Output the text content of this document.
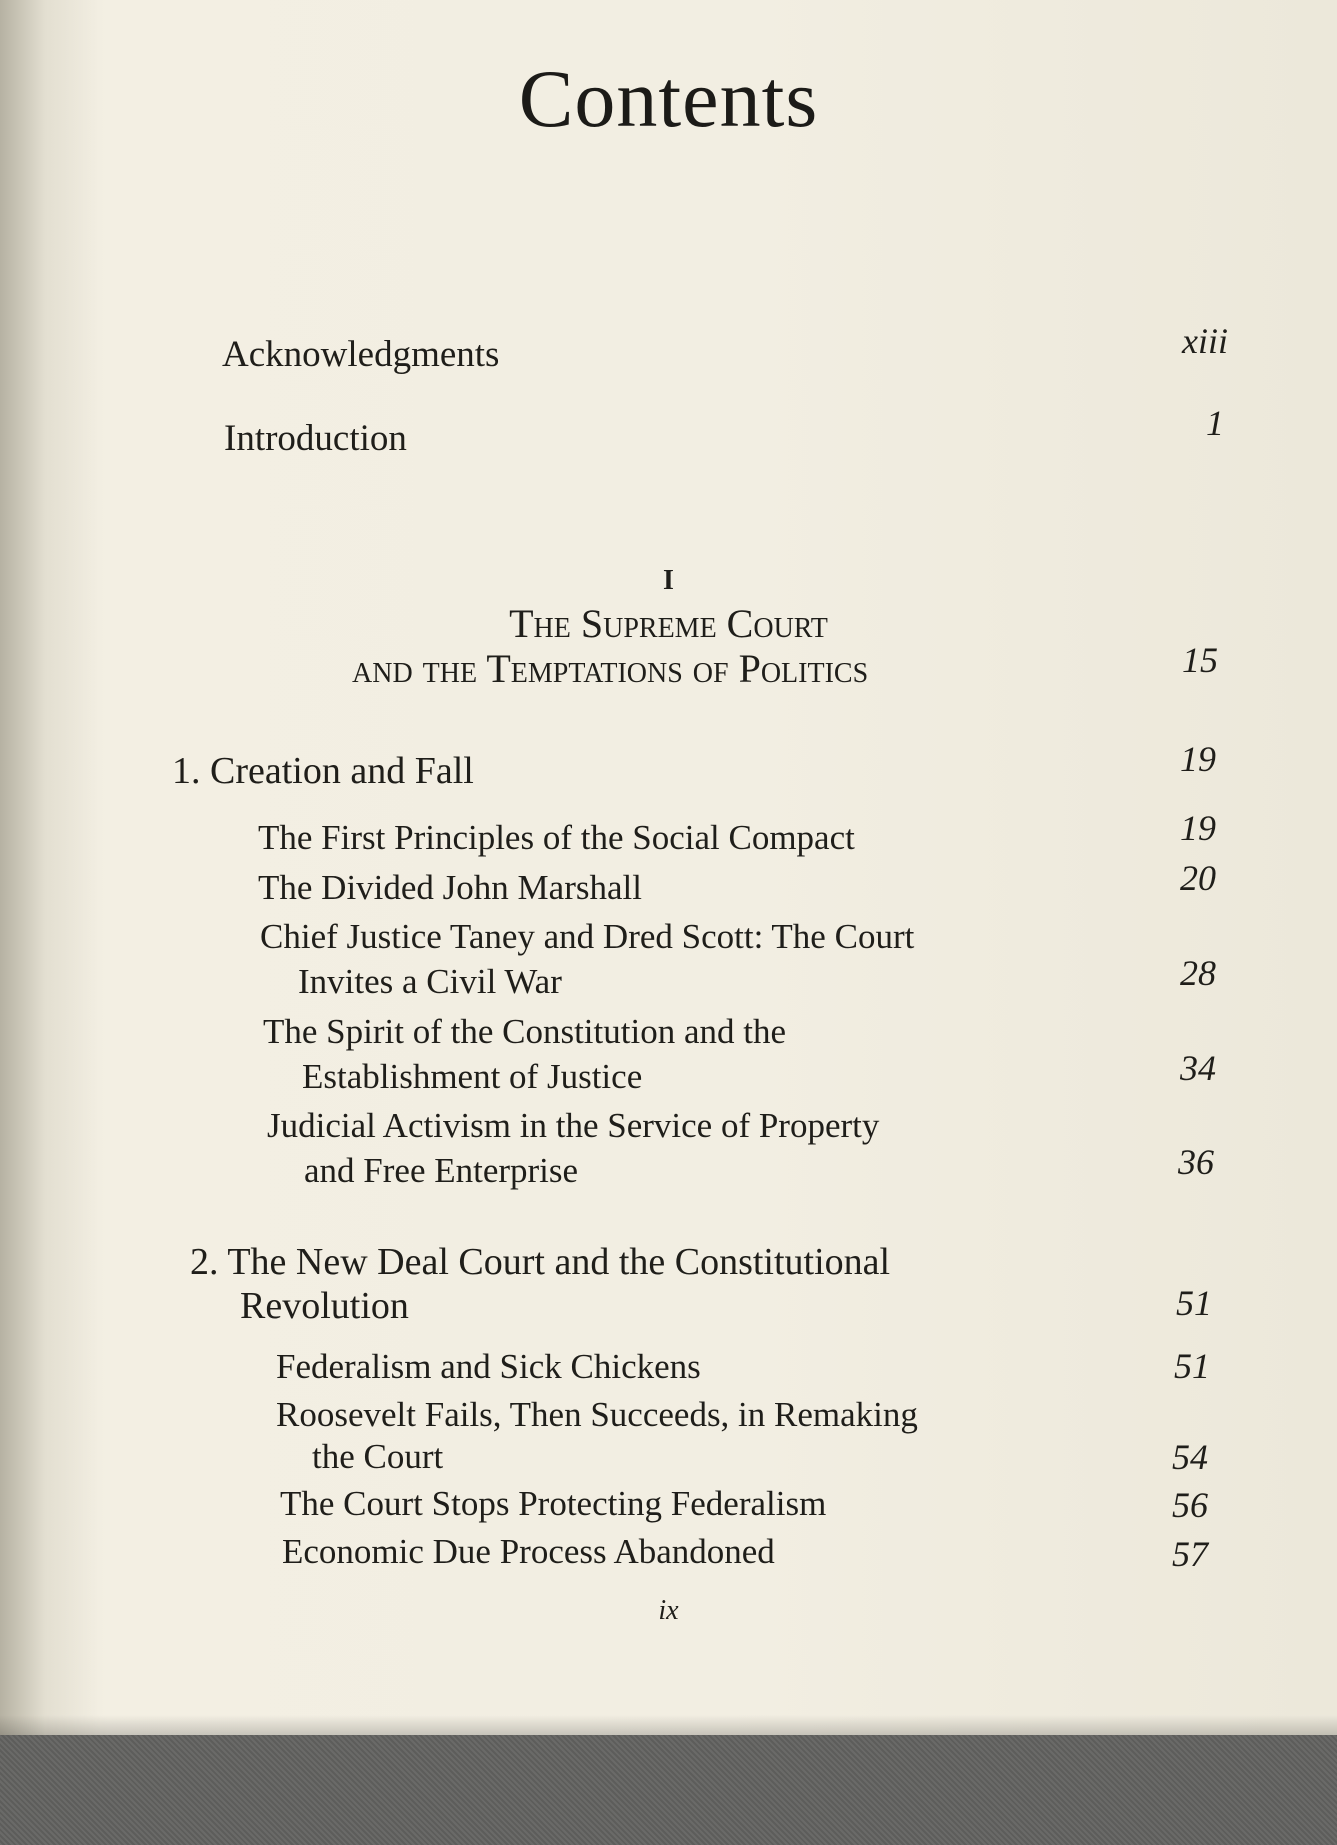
Contents
Acknowledgments	xiii
Introduction	1
I
The Supreme Court
and the Temptations of Politics	15
1. Creation and Fall	19
The First Principles of the Social Compact	19
The Divided John Marshall	20
Chief Justice Taney and Dred Scott: The Court
Invites a Civil War	28
The Spirit of the Constitution and the
Establishment of Justice	34
Judicial Activism in the Service of Property
and Free Enterprise	36
2. The New Deal Court and the Constitutional
Revolution	51
Federalism and Sick Chickens	51
Roosevelt Fails, Then Succeeds, in Remaking
the Court	54
The Court Stops Protecting Federalism	56
Economic Due Process Abandoned	57
ix
